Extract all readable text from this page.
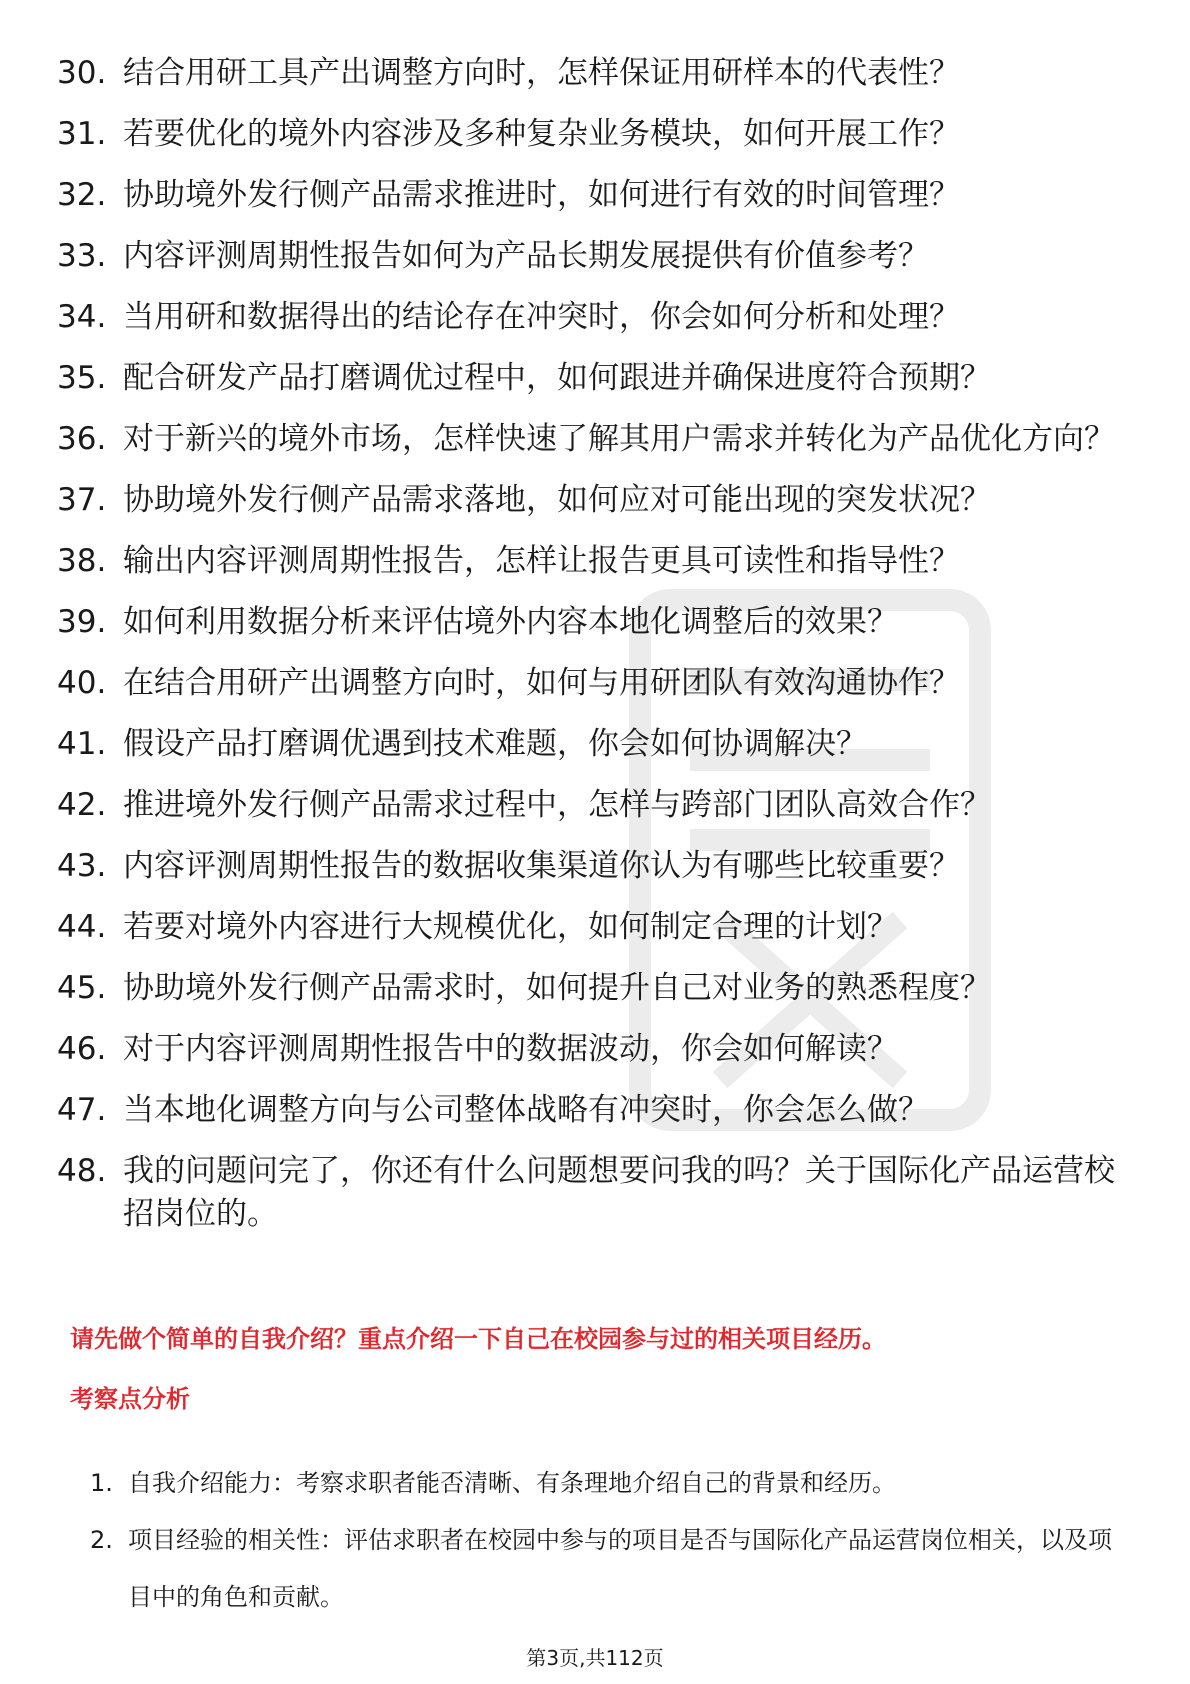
30. 结合用研工具产出调整方向时，怎样保证用研样本的代表性？
31. 若要优化的境外内容涉及多种复杂业务模块，如何开展工作？
32. 协助境外发行侧产品需求推进时，如何进行有效的时间管理？
33. 内容评测周期性报告如何为产品长期发展提供有价值参考？
34. 当用研和数据得出的结论存在冲突时，你会如何分析和处理？
35. 配合研发产品打磨调优过程中，如何跟进并确保进度符合预期？
36. 对于新兴的境外市场，怎样快速了解其用户需求并转化为产品优化方向？
37. 协助境外发行侧产品需求落地，如何应对可能出现的突发状况？
38. 输出内容评测周期性报告，怎样让报告更具可读性和指导性？
39. 如何利用数据分析来评估境外内容本地化调整后的效果？
40. 在结合用研产出调整方向时，如何与用研团队有效沟通协作？
41. 假设产品打磨调优遇到技术难题，你会如何协调解决？
42. 推进境外发行侧产品需求过程中，怎样与跨部门团队高效合作？
43. 内容评测周期性报告的数据收集渠道你认为有哪些比较重要？
44. 若要对境外内容进行大规模优化，如何制定合理的计划？
45. 协助境外发行侧产品需求时，如何提升自己对业务的熟悉程度？
46. 对于内容评测周期性报告中的数据波动，你会如何解读？
47. 当本地化调整方向与公司整体战略有冲突时，你会怎么做？
48. 我的问题问完了，你还有什么问题想要问我的吗？关于国际化产品运营校招岗位的。

请先做个简单的自我介绍？重点介绍一下自己在校园参与过的相关项目经历。

考察点分析
1. 自我介绍能力：考察求职者能否清晰、有条理地介绍自己的背景和经历。
2. 项目经验的相关性：评估求职者在校园中参与的项目是否与国际化产品运营岗位相关，以及项目中的角色和贡献。

第3页,共112页
